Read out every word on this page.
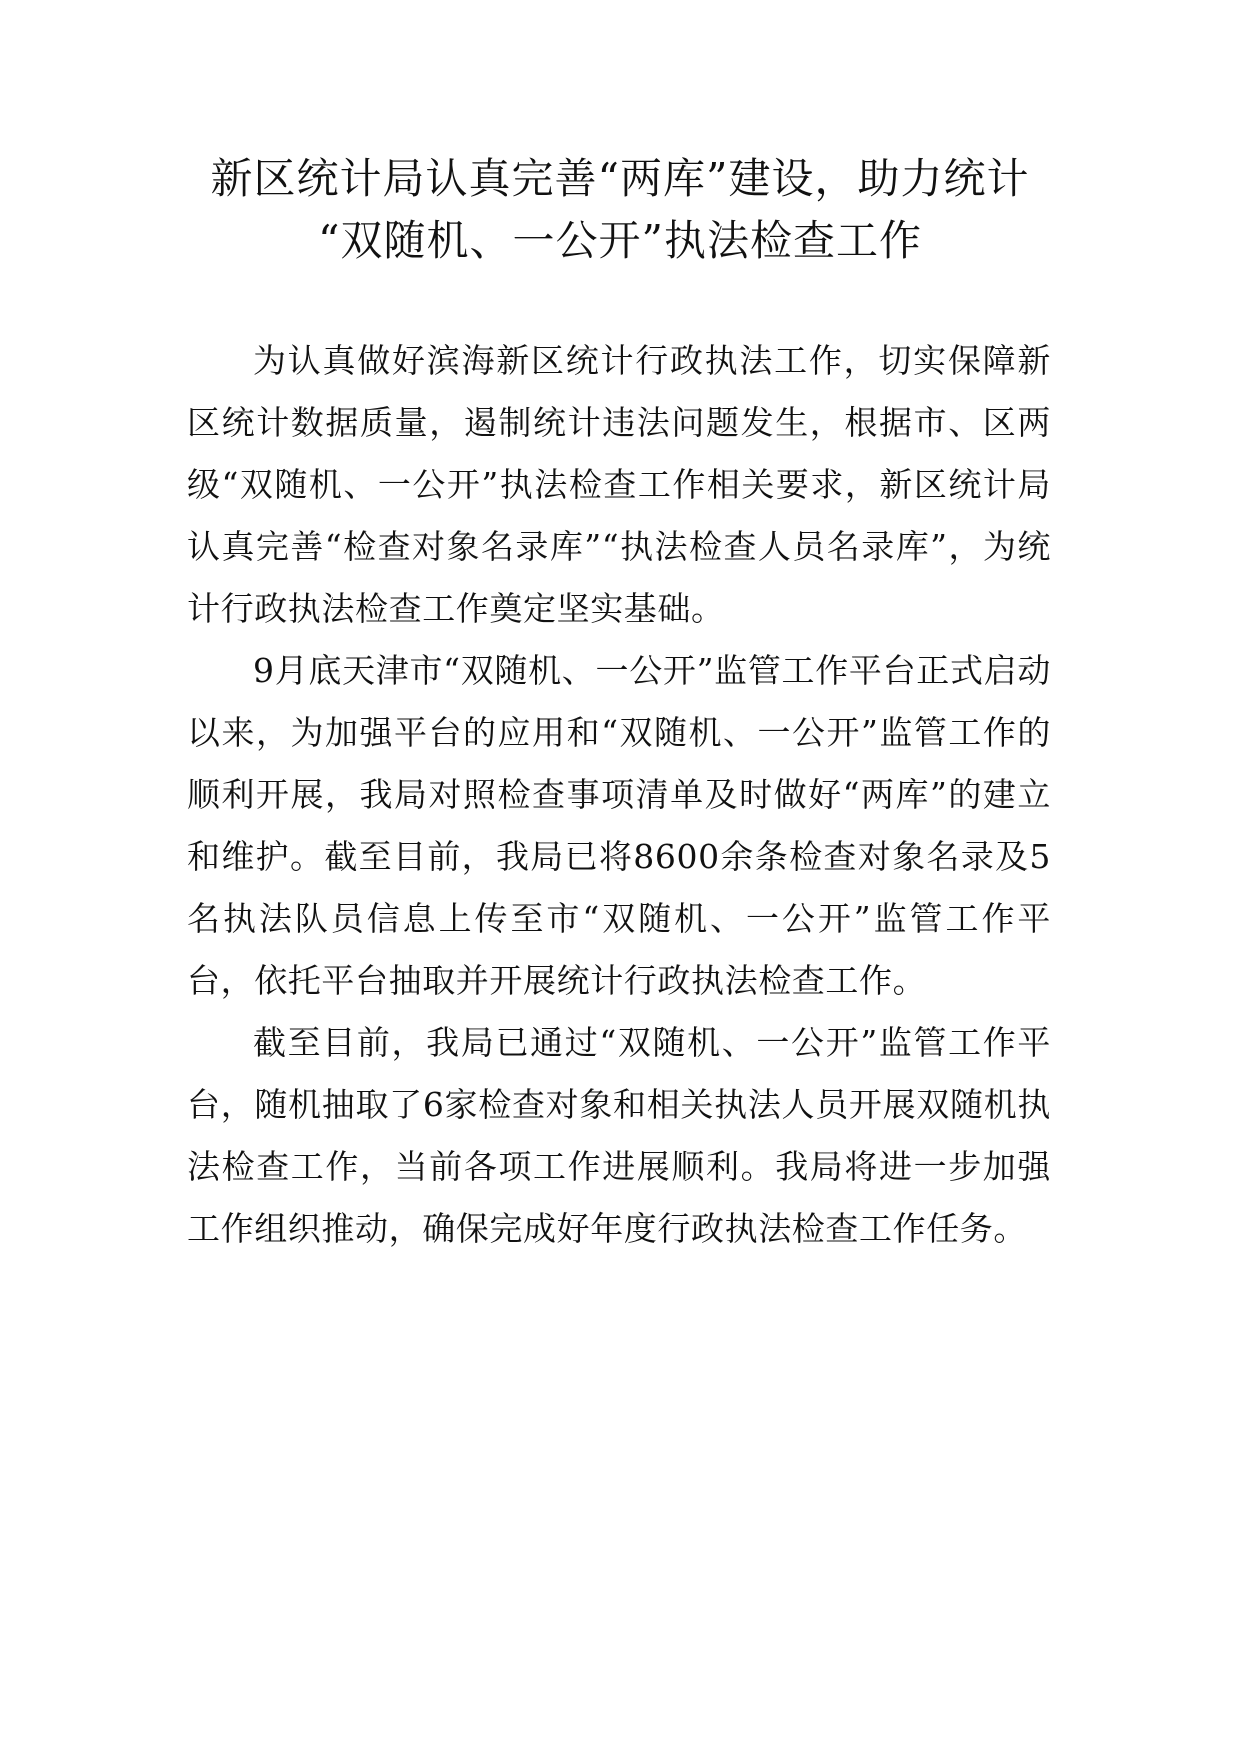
新区统计局认真完善“两库”建设，助力统计
“双随机、一公开”执法检查工作

为认真做好滨海新区统计行政执法工作，切实保障新区统计数据质量，遏制统计违法问题发生，根据市、区两级“双随机、一公开”执法检查工作相关要求，新区统计局认真完善“检查对象名录库”“执法检查人员名录库”，为统计行政执法检查工作奠定坚实基础。

9月底天津市“双随机、一公开”监管工作平台正式启动以来，为加强平台的应用和“双随机、一公开”监管工作的顺利开展，我局对照检查事项清单及时做好“两库”的建立和维护。截至目前，我局已将8600余条检查对象名录及5名执法队员信息上传至市“双随机、一公开”监管工作平台，依托平台抽取并开展统计行政执法检查工作。

截至目前，我局已通过“双随机、一公开”监管工作平台，随机抽取了6家检查对象和相关执法人员开展双随机执法检查工作，当前各项工作进展顺利。我局将进一步加强工作组织推动，确保完成好年度行政执法检查工作任务。
